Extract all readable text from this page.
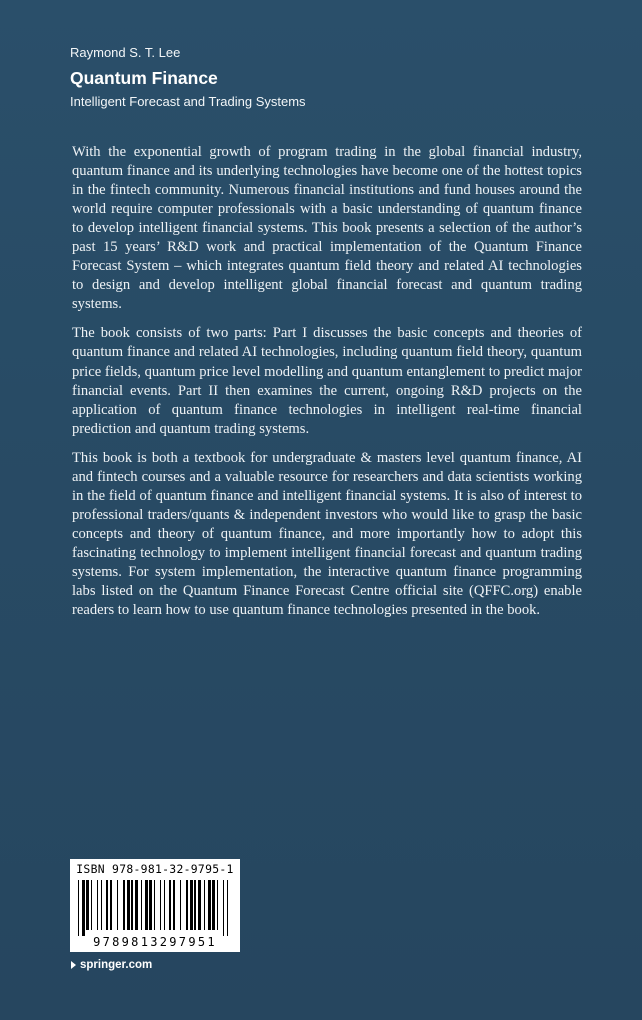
Raymond S. T. Lee
Quantum Finance
Intelligent Forecast and Trading Systems

With the exponential growth of program trading in the global financial industry, quantum finance and its underlying technologies have become one of the hottest topics in the fintech community. Numerous financial institutions and fund houses around the world require computer professionals with a basic understanding of quantum finance to develop intelligent financial systems. This book presents a selection of the author’s past 15 years’ R&D work and practical implementation of the Quantum Finance Forecast System – which integrates quantum field theory and related AI technologies to design and develop intelligent global financial forecast and quantum trading systems.

The book consists of two parts: Part I discusses the basic concepts and theories of quantum finance and related AI technologies, including quantum field theory, quantum price fields, quantum price level modelling and quantum entanglement to predict major financial events. Part II then examines the current, ongoing R&D projects on the application of quantum finance technologies in intelligent real-time financial prediction and quantum trading systems.

This book is both a textbook for undergraduate & masters level quantum finance, AI and fintech courses and a valuable resource for researchers and data scientists working in the field of quantum finance and intelligent financial systems. It is also of interest to professional traders/quants & independent investors who would like to grasp the basic concepts and theory of quantum finance, and more importantly how to adopt this fascinating technology to implement intelligent financial forecast and quantum trading systems. For system implementation, the interactive quantum finance programming labs listed on the Quantum Finance Forecast Centre official site (QFFC.org) enable readers to learn how to use quantum finance technologies presented in the book.

ISBN 978-981-32-9795-1
9789813297951
springer.com
